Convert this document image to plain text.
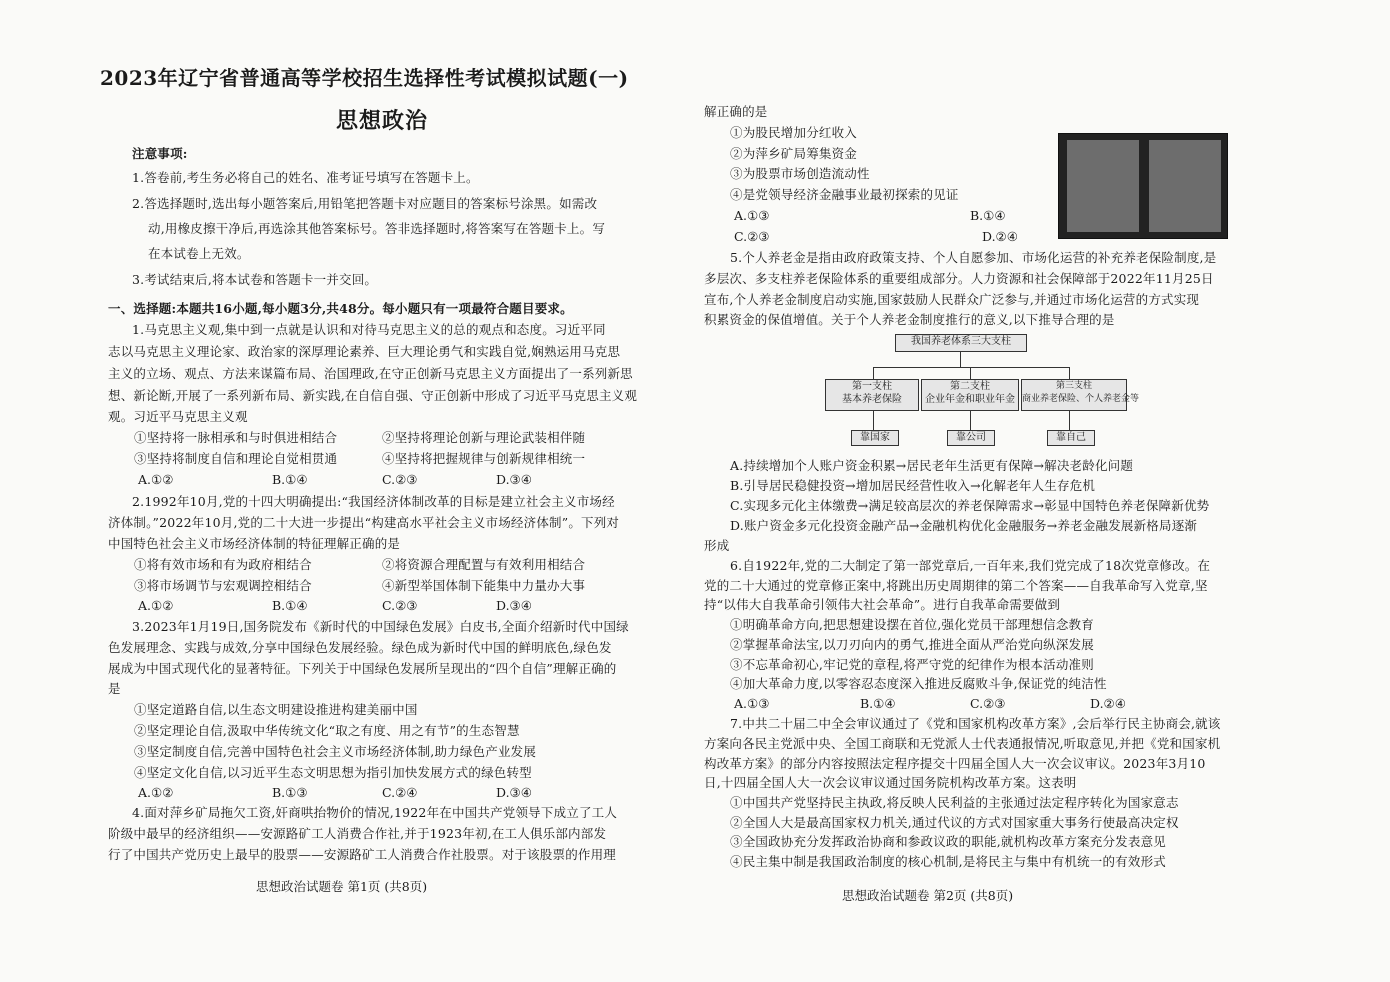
2023年辽宁省普通高等学校招生选择性考试模拟试题(一)
思想政治
注意事项:
1.答卷前,考生务必将自己的姓名、准考证号填写在答题卡上。
2.答选择题时,选出每小题答案后,用铅笔把答题卡对应题目的答案标号涂黑。如需改
动,用橡皮擦干净后,再选涂其他答案标号。答非选择题时,将答案写在答题卡上。写
在本试卷上无效。
3.考试结束后,将本试卷和答题卡一并交回。
一、选择题:本题共16小题,每小题3分,共48分。每小题只有一项最符合题目要求。
1.马克思主义观,集中到一点就是认识和对待马克思主义的总的观点和态度。习近平同
志以马克思主义理论家、政治家的深厚理论素养、巨大理论勇气和实践自觉,娴熟运用马克思
主义的立场、观点、方法来谋篇布局、治国理政,在守正创新马克思主义方面提出了一系列新思
想、新论断,开展了一系列新布局、新实践,在自信自强、守正创新中形成了习近平马克思主义观
观。习近平马克思主义观
①坚持将一脉相承和与时俱进相结合	②坚持将理论创新与理论武装相伴随
③坚持将制度自信和理论自觉相贯通	④坚持将把握规律与创新规律相统一
A.①②	B.①④	C.②③	D.③④
2.1992年10月,党的十四大明确提出:“我国经济体制改革的目标是建立社会主义市场经
济体制。”2022年10月,党的二十大进一步提出“构建高水平社会主义市场经济体制”。下列对
中国特色社会主义市场经济体制的特征理解正确的是
①将有效市场和有为政府相结合	②将资源合理配置与有效利用相结合
③将市场调节与宏观调控相结合	④新型举国体制下能集中力量办大事
A.①②	B.①④	C.②③	D.③④
3.2023年1月19日,国务院发布《新时代的中国绿色发展》白皮书,全面介绍新时代中国绿
色发展理念、实践与成效,分享中国绿色发展经验。绿色成为新时代中国的鲜明底色,绿色发
展成为中国式现代化的显著特征。下列关于中国绿色发展所呈现出的“四个自信”理解正确的
是
①坚定道路自信,以生态文明建设推进构建美丽中国
②坚定理论自信,汲取中华传统文化“取之有度、用之有节”的生态智慧
③坚定制度自信,完善中国特色社会主义市场经济体制,助力绿色产业发展
④坚定文化自信,以习近平生态文明思想为指引加快发展方式的绿色转型
A.①②	B.①③	C.②④	D.③④
4.面对萍乡矿局拖欠工资,奸商哄抬物价的情况,1922年在中国共产党领导下成立了工人
阶级中最早的经济组织——安源路矿工人消费合作社,并于1923年初,在工人俱乐部内部发
行了中国共产党历史上最早的股票——安源路矿工人消费合作社股票。对于该股票的作用理
思想政治试题卷 第1页 (共8页)
解正确的是
①为股民增加分红收入
②为萍乡矿局筹集资金
③为股票市场创造流动性
④是党领导经济金融事业最初探索的见证
A.①③	B.①④
C.②③	D.②④
5.个人养老金是指由政府政策支持、个人自愿参加、市场化运营的补充养老保险制度,是
多层次、多支柱养老保险体系的重要组成部分。人力资源和社会保障部于2022年11月25日
宣布,个人养老金制度启动实施,国家鼓励人民群众广泛参与,并通过市场化运营的方式实现
积累资金的保值增值。关于个人养老金制度推行的意义,以下推导合理的是
我国养老体系三大支柱
第一支柱
基本养老保险
第二支柱
企业年金和职业年金
第三支柱
商业养老保险、个人养老金等
靠国家	靠公司	靠自己
A.持续增加个人账户资金积累→居民老年生活更有保障→解决老龄化问题
B.引导居民稳健投资→增加居民经营性收入→化解老年人生存危机
C.实现多元化主体缴费→满足较高层次的养老保障需求→彰显中国特色养老保障新优势
D.账户资金多元化投资金融产品→金融机构优化金融服务→养老金融发展新格局逐渐
形成
6.自1922年,党的二大制定了第一部党章后,一百年来,我们党完成了18次党章修改。在
党的二十大通过的党章修正案中,将跳出历史周期律的第二个答案——自我革命写入党章,坚
持“以伟大自我革命引领伟大社会革命”。进行自我革命需要做到
①明确革命方向,把思想建设摆在首位,强化党员干部理想信念教育
②掌握革命法宝,以刀刃向内的勇气,推进全面从严治党向纵深发展
③不忘革命初心,牢记党的章程,将严守党的纪律作为根本活动准则
④加大革命力度,以零容忍态度深入推进反腐败斗争,保证党的纯洁性
A.①③	B.①④	C.②③	D.②④
7.中共二十届二中全会审议通过了《党和国家机构改革方案》,会后举行民主协商会,就该
方案向各民主党派中央、全国工商联和无党派人士代表通报情况,听取意见,并把《党和国家机
构改革方案》的部分内容按照法定程序提交十四届全国人大一次会议审议。2023年3月10
日,十四届全国人大一次会议审议通过国务院机构改革方案。这表明
①中国共产党坚持民主执政,将反映人民利益的主张通过法定程序转化为国家意志
②全国人大是最高国家权力机关,通过代议的方式对国家重大事务行使最高决定权
③全国政协充分发挥政治协商和参政议政的职能,就机构改革方案充分发表意见
④民主集中制是我国政治制度的核心机制,是将民主与集中有机统一的有效形式
思想政治试题卷 第2页 (共8页)
